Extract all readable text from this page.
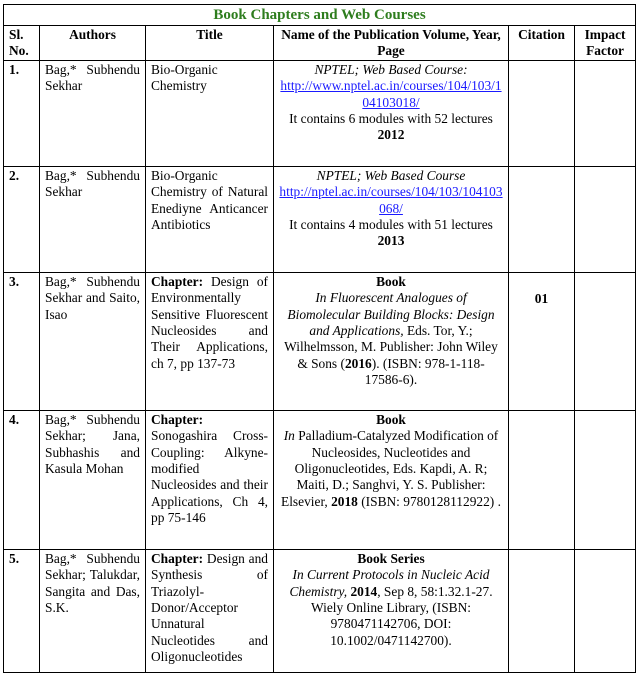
Book Chapters and Web Courses					
Sl. No.	Authors	Title	Name of the Publication Volume, Year, Page	Citation	Impact Factor
1.	Bag,* Subhendu Sekhar	Bio-Organic Chemistry	NPTEL; Web Based Course:
http://www.nptel.ac.in/courses/104/103/104103018/
It contains 6 modules with 52 lectures
2012		
2.	Bag,* Subhendu Sekhar	Bio-Organic Chemistry of Natural Enediyne Anticancer Antibiotics	NPTEL; Web Based Course
http://nptel.ac.in/courses/104/103/104103068/
It contains 4 modules with 51 lectures
2013		
3.	Bag,* Subhendu Sekhar and Saito, Isao	Chapter: Design of Environmentally Sensitive Fluorescent Nucleosides and Their Applications, ch 7, pp 137-73	Book
In Fluorescent Analogues of Biomolecular Building Blocks: Design and Applications, Eds. Tor, Y.; Wilhelmsson, M. Publisher: John Wiley & Sons (2016). (ISBN: 978-1-118-17586-6).	01	
4.	Bag,* Subhendu Sekhar; Jana, Subhashis and Kasula Mohan	Chapter: Sonogashira Cross-Coupling: Alkyne-modified Nucleosides and their Applications, Ch 4, pp 75-146	Book
In Palladium-Catalyzed Modification of Nucleosides, Nucleotides and Oligonucleotides, Eds. Kapdi, A. R; Maiti, D.; Sanghvi, Y. S. Publisher: Elsevier, 2018 (ISBN: 9780128112922) .		
5.	Bag,* Subhendu Sekhar; Talukdar, Sangita and Das, S.K.	Chapter: Design and Synthesis of Triazolyl-Donor/Acceptor Unnatural Nucleotides and Oligonucleotides	Book Series
In Current Protocols in Nucleic Acid Chemistry, 2014, Sep 8, 58:1.32.1-27. Wiely Online Library, (ISBN: 9780471142706, DOI: 10.1002/0471142700).		
